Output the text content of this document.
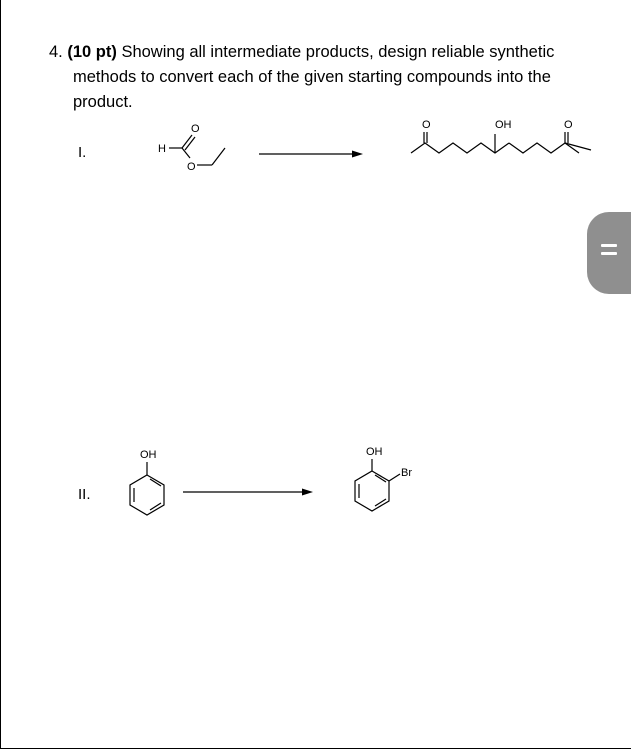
4. (10 pt) Showing all intermediate products, design reliable synthetic
methods to convert each of the given starting compounds into the
product.
I.
II.
H
O
O
O	OH	O
OH	OH
Br
